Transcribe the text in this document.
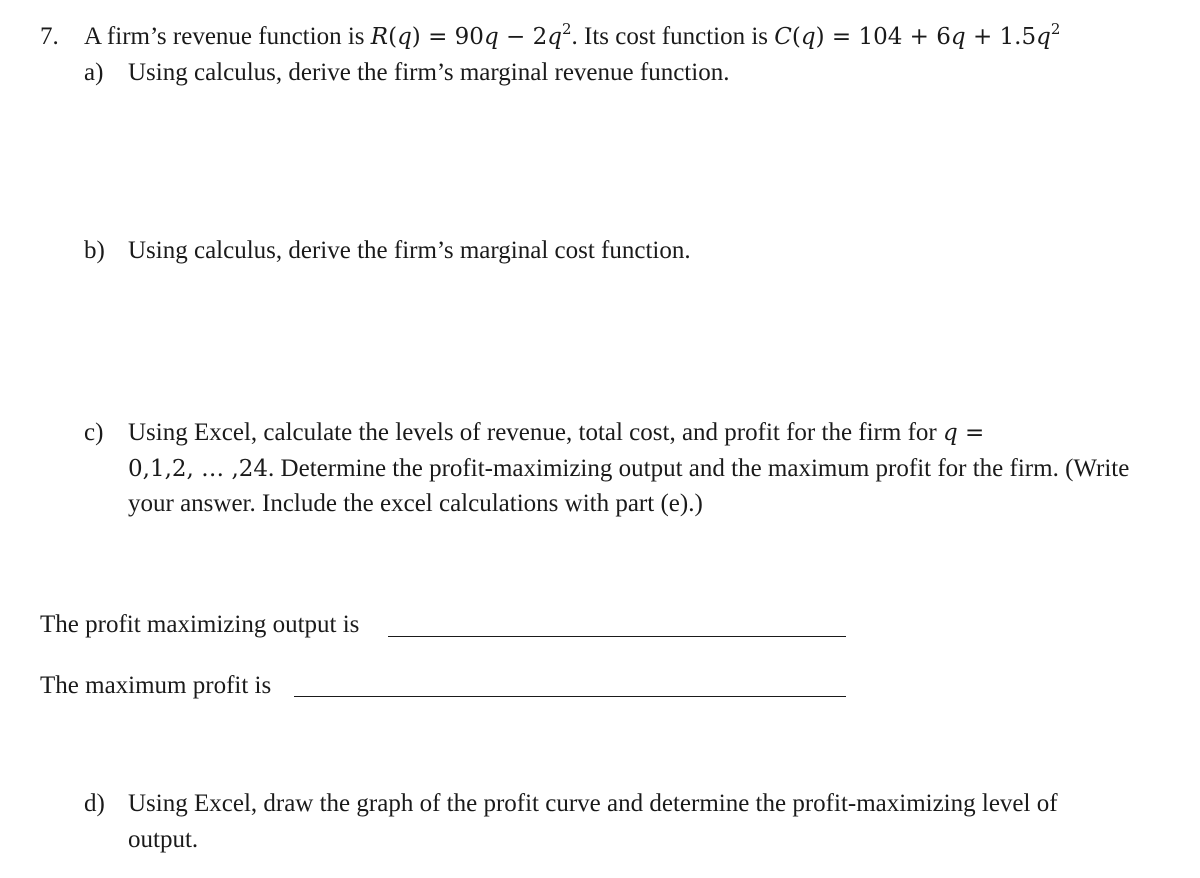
7. A firm’s revenue function is $R(q) = 90q - 2q^2$. Its cost function is $C(q) = 104 + 6q + 1.5q^2$
a) Using calculus, derive the firm’s marginal revenue function.
b) Using calculus, derive the firm’s marginal cost function.
c) Using Excel, calculate the levels of revenue, total cost, and profit for the firm for q =
0,1,2, … ,24. Determine the profit-maximizing output and the maximum profit for the firm. (Write
your answer. Include the excel calculations with part (e).)
The profit maximizing output is
The maximum profit is
d) Using Excel, draw the graph of the profit curve and determine the profit-maximizing level of
output.
